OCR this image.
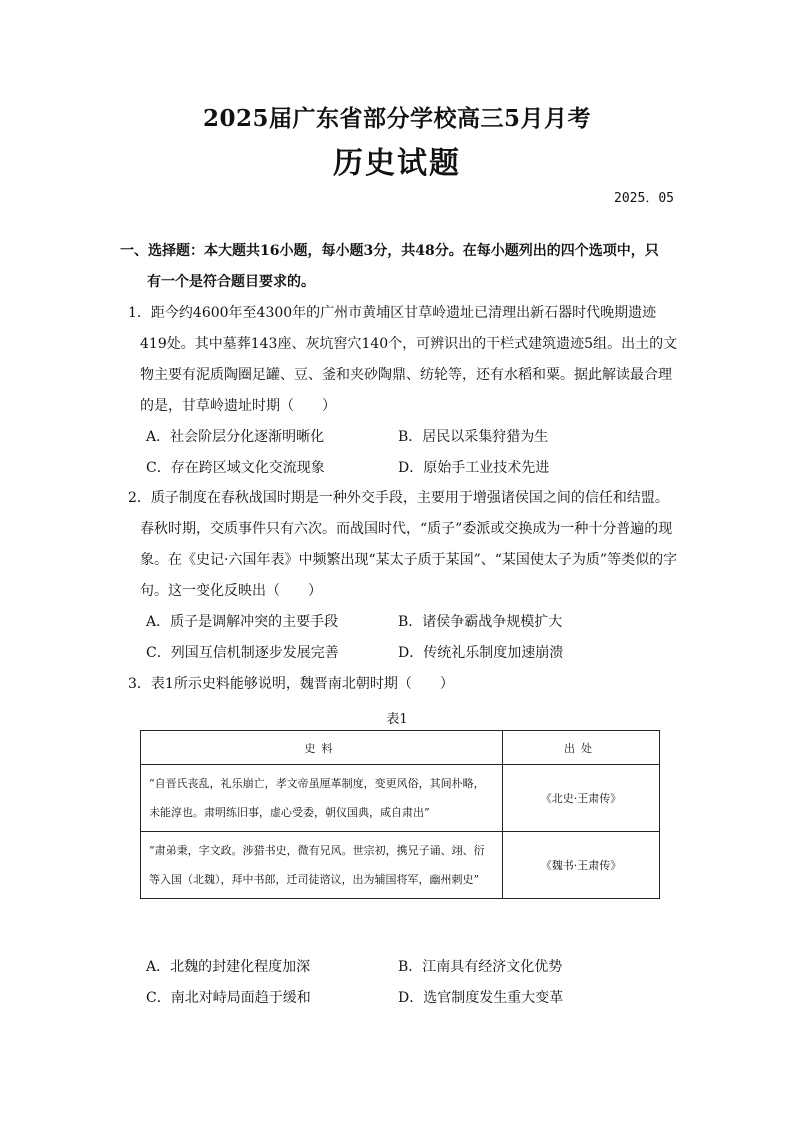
2025届广东省部分学校高三5月月考
历史试题
2025．05
一、选择题：本大题共16小题，每小题3分，共48分。在每小题列出的四个选项中，只
有一个是符合题目要求的。
1．距今约4600年至4300年的广州市黄埔区甘草岭遗址已清理出新石器时代晚期遗迹419处。其中墓葬143座、灰坑窖穴140个，可辨识出的干栏式建筑遗迹5组。出土的文物主要有泥质陶圈足罐、豆、釜和夹砂陶鼎、纺轮等，还有水稻和粟。据此解读最合理的是，甘草岭遗址时期（　　）
A．社会阶层分化逐渐明晰化	B．居民以采集狩猎为生
C．存在跨区域文化交流现象	D．原始手工业技术先进
2．质子制度在春秋战国时期是一种外交手段，主要用于增强诸侯国之间的信任和结盟。春秋时期，交质事件只有六次。而战国时代，“质子”委派或交换成为一种十分普遍的现象。在《史记·六国年表》中频繁出现“某太子质于某国”、“某国使太子为质”等类似的字句。这一变化反映出（　　）
A．质子是调解冲突的主要手段	B．诸侯争霸战争规模扩大
C．列国互信机制逐步发展完善	D．传统礼乐制度加速崩溃
3．表1所示史料能够说明，魏晋南北朝时期（　　）
表1
史料	出处
“自晋氏丧乱，礼乐崩亡，孝文帝虽厘革制度，变更风俗，其间朴略，未能淳也。肃明练旧事，虚心受委，朝仪国典，咸自肃出”	《北史·王肃传》
“肃弟秉，字文政。涉猎书史，微有兄风。世宗初，携兄子诵、翊、衍等入国（北魏），拜中书郎，迁司徒谘议，出为辅国将军，幽州刺史”	《魏书·王肃传》
A．北魏的封建化程度加深	B．江南具有经济文化优势
C．南北对峙局面趋于缓和	D．选官制度发生重大变革
